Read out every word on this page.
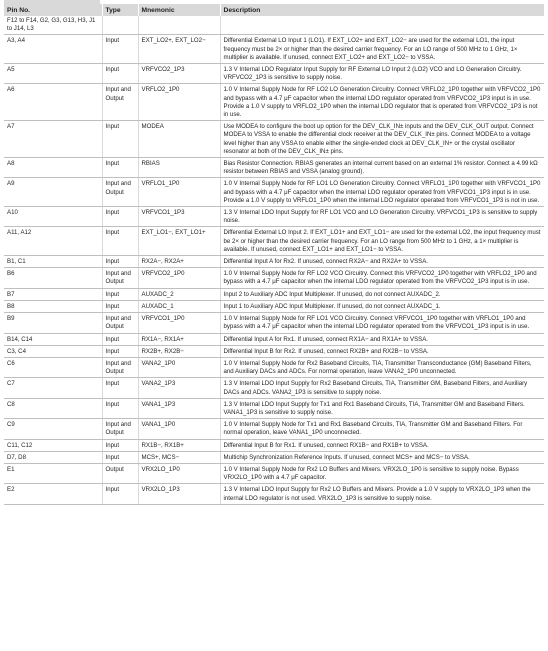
Pin No.	Type	Mnemonic	Description
F12 to F14, G2, G3, G13, H3, J1 to J14, L3			
A3, A4	Input	EXT_LO2+, EXT_LO2−	Differential External LO Input 1 (LO1). If EXT_LO2+ and EXT_LO2− are used for the external LO1, the input frequency must be 2× or higher than the desired carrier frequency. For an LO range of 500 MHz to 1 GHz, 1× multiplier is available. If unused, connect EXT_LO2+ and EXT_LO2− to VSSA.
A5	Input	VRFVCO2_1P3	1.3 V Internal LDO Regulator Input Supply for RF External LO Input 2 (LO2) VCO and LO Generation Circuitry. VRFVCO2_1P3 is sensitive to supply noise.
A6	Input and Output	VRFLO2_1P0	1.0 V Internal Supply Node for RF LO2 LO Generation Circuitry. Connect VRFLO2_1P0 together with VRFVCO2_1P0 and bypass with a 4.7 μF capacitor when the internal LDO regulator operated from VRFVCO2_1P3 input is in use. Provide a 1.0 V supply to VRFLO2_1P0 when the internal LDO regulator that is operated from VRFVCO2_1P3 is not in use.
A7	Input	MODEA	Use MODEA to configure the boot up option for the DEV_CLK_IN± inputs and the DEV_CLK_OUT output. Connect MODEA to VSSA to enable the differential clock receiver at the DEV_CLK_IN± pins. Connect MODEA to a voltage level higher than any VSSA to enable either the single-ended clock at DEV_CLK_IN+ or the crystal oscillator resonator at both of the DEV_CLK_IN± pins.
A8	Input	RBIAS	Bias Resistor Connection. RBIAS generates an internal current based on an external 1% resistor. Connect a 4.99 kΩ resistor between RBIAS and VSSA (analog ground).
A9	Input and Output	VRFLO1_1P0	1.0 V Internal Supply Node for RF LO1 LO Generation Circuitry. Connect VRFLO1_1P0 together with VRFVCO1_1P0 and bypass with a 4.7 μF capacitor when the internal LDO regulator operated from VRFVCO1_1P3 input is in use. Provide a 1.0 V supply to VRFLO1_1P0 when the internal LDO regulator operated from VRFVCO1_1P3 is not in use.
A10	Input	VRFVCO1_1P3	1.3 V Internal LDO Input Supply for RF LO1 VCO and LO Generation Circuitry. VRFVCO1_1P3 is sensitive to supply noise.
A11, A12	Input	EXT_LO1−, EXT_LO1+	Differential External LO Input 2. If EXT_LO1+ and EXT_LO1− are used for the external LO2, the input frequency must be 2× or higher than the desired carrier frequency. For an LO range from 500 MHz to 1 GHz, a 1× multiplier is available. If unused, connect EXT_LO1+ and EXT_LO1− to VSSA.
B1, C1	Input	RX2A−, RX2A+	Differential Input A for Rx2. If unused, connect RX2A− and RX2A+ to VSSA.
B6	Input and Output	VRFVCO2_1P0	1.0 V Internal Supply Node for RF LO2 VCO Circuitry. Connect this VRFVCO2_1P0 together with VRFLO2_1P0 and bypass with a 4.7 μF capacitor when the internal LDO regulator operated from the VRFVCO2_1P3 input is in use.
B7	Input	AUXADC_2	Input 2 to Auxiliary ADC Input Multiplexer. If unused, do not connect AUXADC_2.
B8	Input	AUXADC_1	Input 1 to Auxiliary ADC Input Multiplexer. If unused, do not connect AUXADC_1.
B9	Input and Output	VRFVCO1_1P0	1.0 V Internal Supply Node for RF LO1 VCO Circuitry. Connect VRFVCO1_1P0 together with VRFLO1_1P0 and bypass with a 4.7 μF capacitor when the internal LDO regulator operated from the VRFVCO1_1P3 input is in use.
B14, C14	Input	RX1A−, RX1A+	Differential Input A for Rx1. If unused, connect RX1A− and RX1A+ to VSSA.
C3, C4	Input	RX2B+, RX2B−	Differential Input B for Rx2. If unused, connect RX2B+ and RX2B− to VSSA.
C6	Input and Output	VANA2_1P0	1.0 V Internal Supply Node for Rx2 Baseband Circuits, TIA, Transmitter Transconductance (GM) Baseband Filters, and Auxiliary DACs and ADCs. For normal operation, leave VANA2_1P0 unconnected.
C7	Input	VANA2_1P3	1.3 V Internal LDO Input Supply for Rx2 Baseband Circuits, TIA, Transmitter GM, Baseband Filters, and Auxiliary DACs and ADCs. VANA2_1P3 is sensitive to supply noise.
C8	Input	VANA1_1P3	1.3 V Internal LDO Input Supply for Tx1 and Rx1 Baseband Circuits, TIA, Transmitter GM and Baseband Filters. VANA1_1P3 is sensitive to supply noise.
C9	Input and Output	VANA1_1P0	1.0 V Internal Supply Node for Tx1 and Rx1 Baseband Circuits, TIA, Transmitter GM and Baseband Filters. For normal operation, leave VANA1_1P0 unconnected.
C11, C12	Input	RX1B−, RX1B+	Differential Input B for Rx1. If unused, connect RX1B− and RX1B+ to VSSA.
D7, D8	Input	MCS+, MCS−	Multichip Synchronization Reference Inputs. If unused, connect MCS+ and MCS− to VSSA.
E1	Output	VRX2LO_1P0	1.0 V Internal Supply Node for Rx2 LO Buffers and Mixers. VRX2LO_1P0 is sensitive to supply noise. Bypass VRX2LO_1P0 with a 4.7 μF capacitor.
E2	Input	VRX2LO_1P3	1.3 V Internal LDO Input Supply for Rx2 LO Buffers and Mixers. Provide a 1.0 V supply to VRX2LO_1P3 when the internal LDO regulator is not used. VRX2LO_1P3 is sensitive to supply noise.
